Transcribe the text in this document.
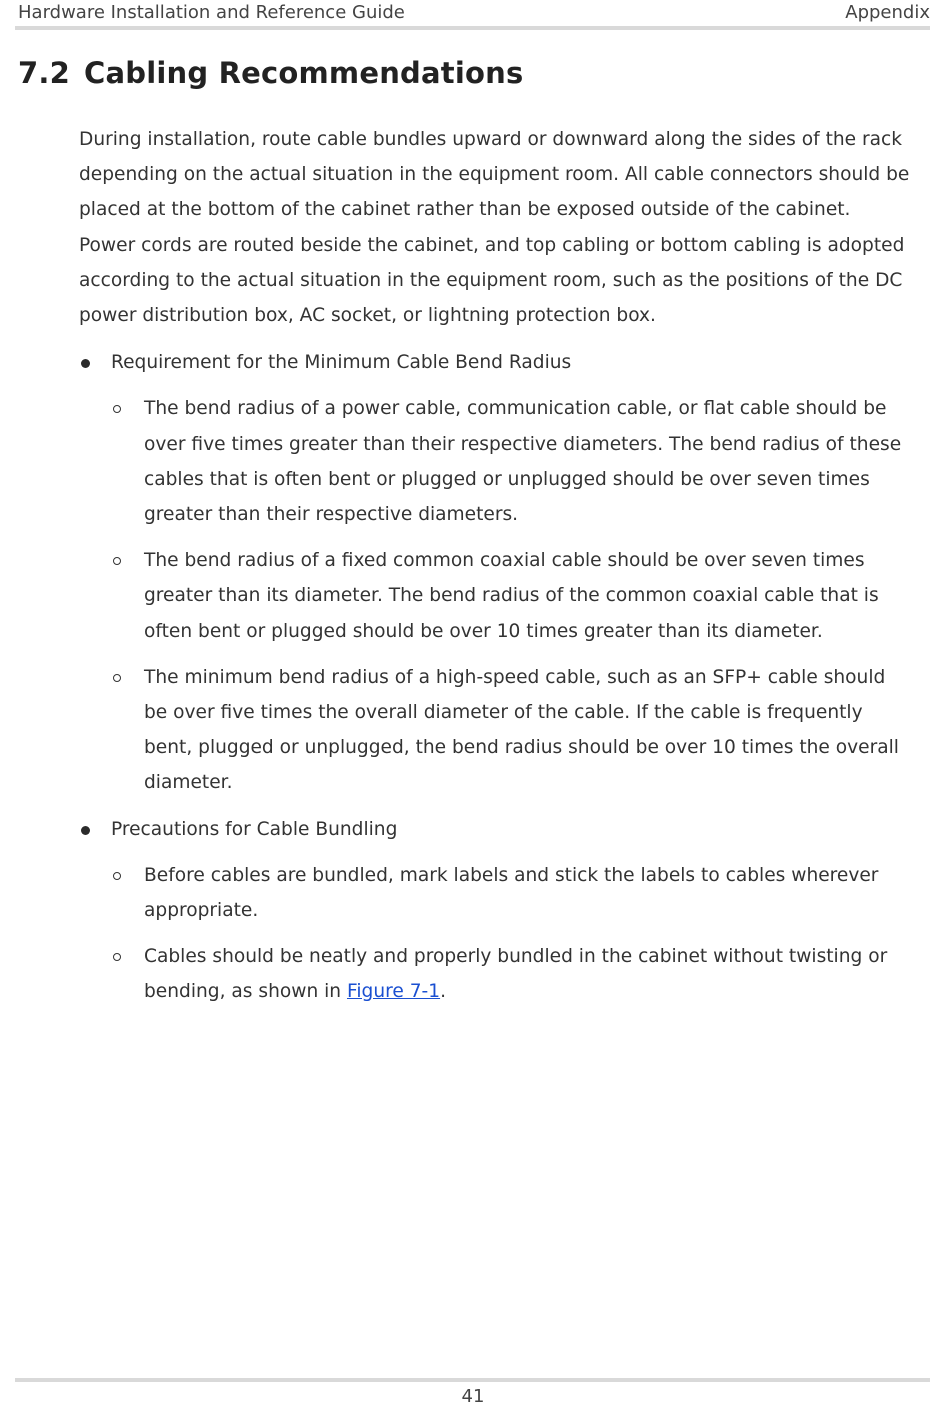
Hardware Installation and Reference Guide	Appendix
7.2 Cabling Recommendations

During installation, route cable bundles upward or downward along the sides of the rack depending on the actual situation in the equipment room. All cable connectors should be placed at the bottom of the cabinet rather than be exposed outside of the cabinet. Power cords are routed beside the cabinet, and top cabling or bottom cabling is adopted according to the actual situation in the equipment room, such as the positions of the DC power distribution box, AC socket, or lightning protection box.

Requirement for the Minimum Cable Bend Radius
The bend radius of a power cable, communication cable, or flat cable should be over five times greater than their respective diameters. The bend radius of these cables that is often bent or plugged or unplugged should be over seven times greater than their respective diameters.
The bend radius of a fixed common coaxial cable should be over seven times greater than its diameter. The bend radius of the common coaxial cable that is often bent or plugged should be over 10 times greater than its diameter.
The minimum bend radius of a high-speed cable, such as an SFP+ cable should be over five times the overall diameter of the cable. If the cable is frequently bent, plugged or unplugged, the bend radius should be over 10 times the overall diameter.
Precautions for Cable Bundling
Before cables are bundled, mark labels and stick the labels to cables wherever appropriate.
Cables should be neatly and properly bundled in the cabinet without twisting or bending, as shown in Figure 7-1.
41
